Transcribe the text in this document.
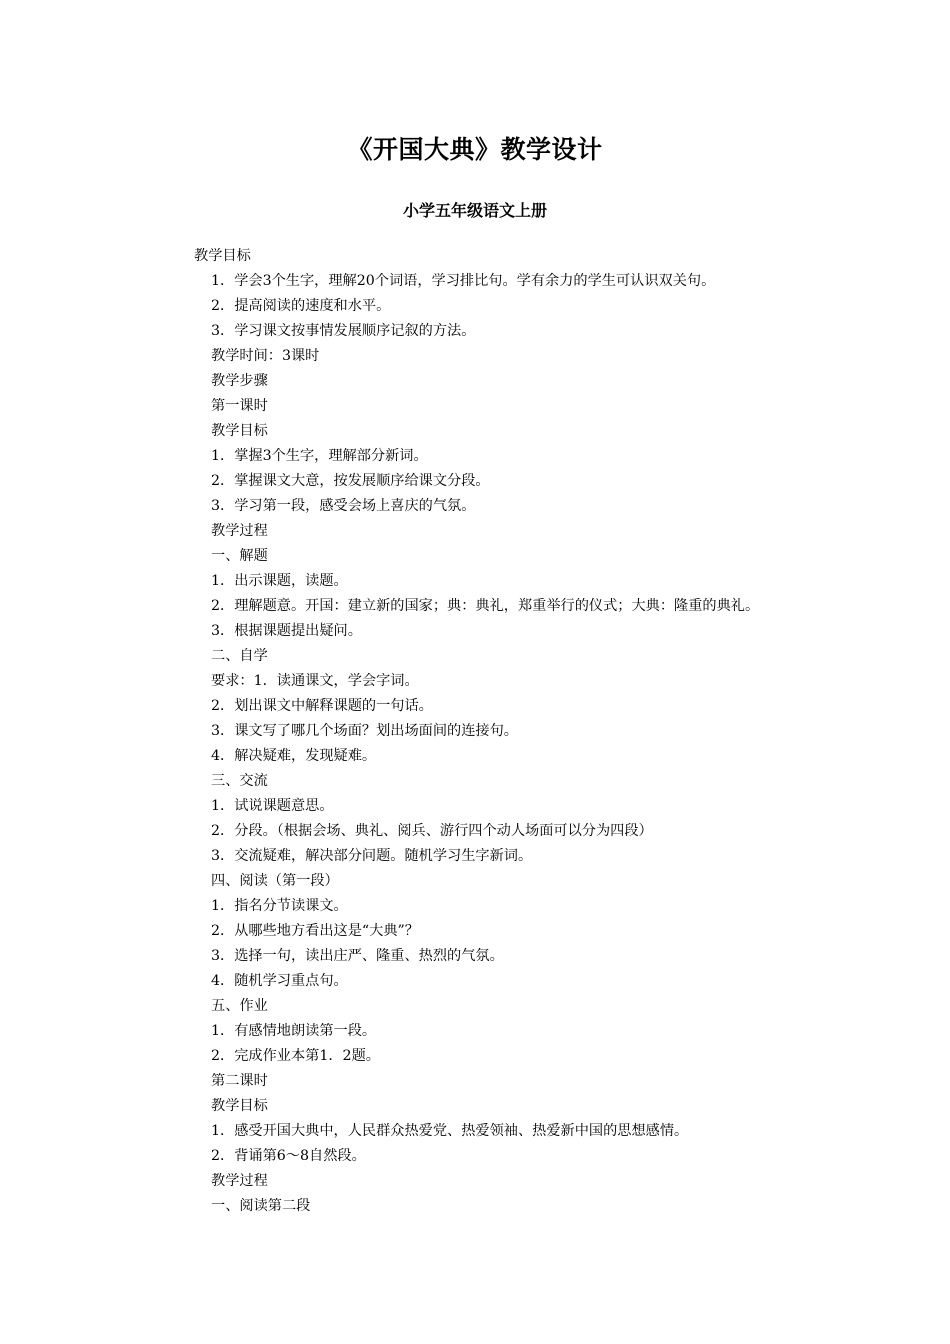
《开国大典》教学设计
小学五年级语文上册
教学目标
1．学会3个生字，理解20个词语，学习排比句。学有余力的学生可认识双关句。
2．提高阅读的速度和水平。
3．学习课文按事情发展顺序记叙的方法。
教学时间：3课时
教学步骤
第一课时
教学目标
1．掌握3个生字，理解部分新词。
2．掌握课文大意，按发展顺序给课文分段。
3．学习第一段，感受会场上喜庆的气氛。
教学过程
一、解题
1．出示课题，读题。
2．理解题意。开国：建立新的国家；典：典礼，郑重举行的仪式；大典：隆重的典礼。
3．根据课题提出疑问。
二、自学
要求：1．读通课文，学会字词。
2．划出课文中解释课题的一句话。
3．课文写了哪几个场面？划出场面间的连接句。
4．解决疑难，发现疑难。
三、交流
1．试说课题意思。
2．分段。（根据会场、典礼、阅兵、游行四个动人场面可以分为四段）
3．交流疑难，解决部分问题。随机学习生字新词。
四、阅读（第一段）
1．指名分节读课文。
2．从哪些地方看出这是“大典”？
3．选择一句，读出庄严、隆重、热烈的气氛。
4．随机学习重点句。
五、作业
1．有感情地朗读第一段。
2．完成作业本第1．2题。
第二课时
教学目标
1．感受开国大典中，人民群众热爱党、热爱领袖、热爱新中国的思想感情。
2．背诵第6～8自然段。
教学过程
一、阅读第二段
